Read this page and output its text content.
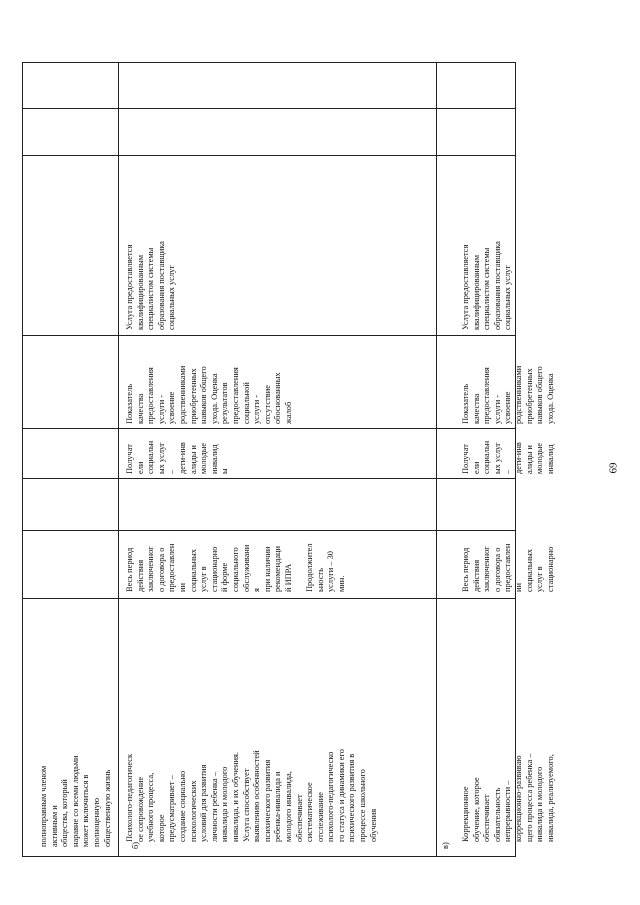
полноправным членом
активным и
общества, который
наравне со всеми людьми
может включиться в
полноценную
общественную жизнь

б)

Психолого-педагогическ
ое сопровождение
учебного процесса,
которое
предусматривает –
создание социально
психологических
условий для развития
личности ребенка –
инвалида и молодого
инвалида, и их обучения.
Услуга способствует
выявлению особенностей
психического развития
ребенка-инвалида и
молодого инвалида,
обеспечивает
систематическое
отслеживание
психолого-педагогическо
го статуса и динамики его
психического развития в
процессе школьного
обучения

Весь период
действия
заключенног
о договора о
предоставлен
ии
социальных
услуг в
стационарно
й форме
социального
обслуживани
я
при наличии
рекомендаци
й ИПРА

Продолжител
ьность
услуги – 30
мин.

Получат
ели
социальн
ых услуг
–
дети-инв
алиды и
молодые
инвалид
ы

Показатель
качества
предоставления
услуги -
усвоение
родственниками
приобретенных
навыков общего
ухода. Оценка
результатов
предоставления
социальной
услуги -
отсутствие
обоснованных
жалоб

Услуга предоставляется
квалифицированным
специалистом системы
образования поставщика
социальных услуг

в)

Коррекционное
обучение, которое
обеспечивает
обязательность
непрерывности –
коррекционно-развиваю
щего процесса ребенка –
инвалида и молодого
инвалида, реализуемого,

Весь период
действия
заключенног
о договора о
предоставлен
ии
социальных
услуг в
стационарно

Получат
ели
социальн
ых услуг
–
дети-инв
алиды и
молодые
инвалид

Показатель
качества
предоставления
услуги -
усвоение
родственниками
приобретенных
навыков общего
ухода. Оценка

Услуга предоставляется
квалифицированным
специалистом системы
образования поставщика
социальных услуг

69
